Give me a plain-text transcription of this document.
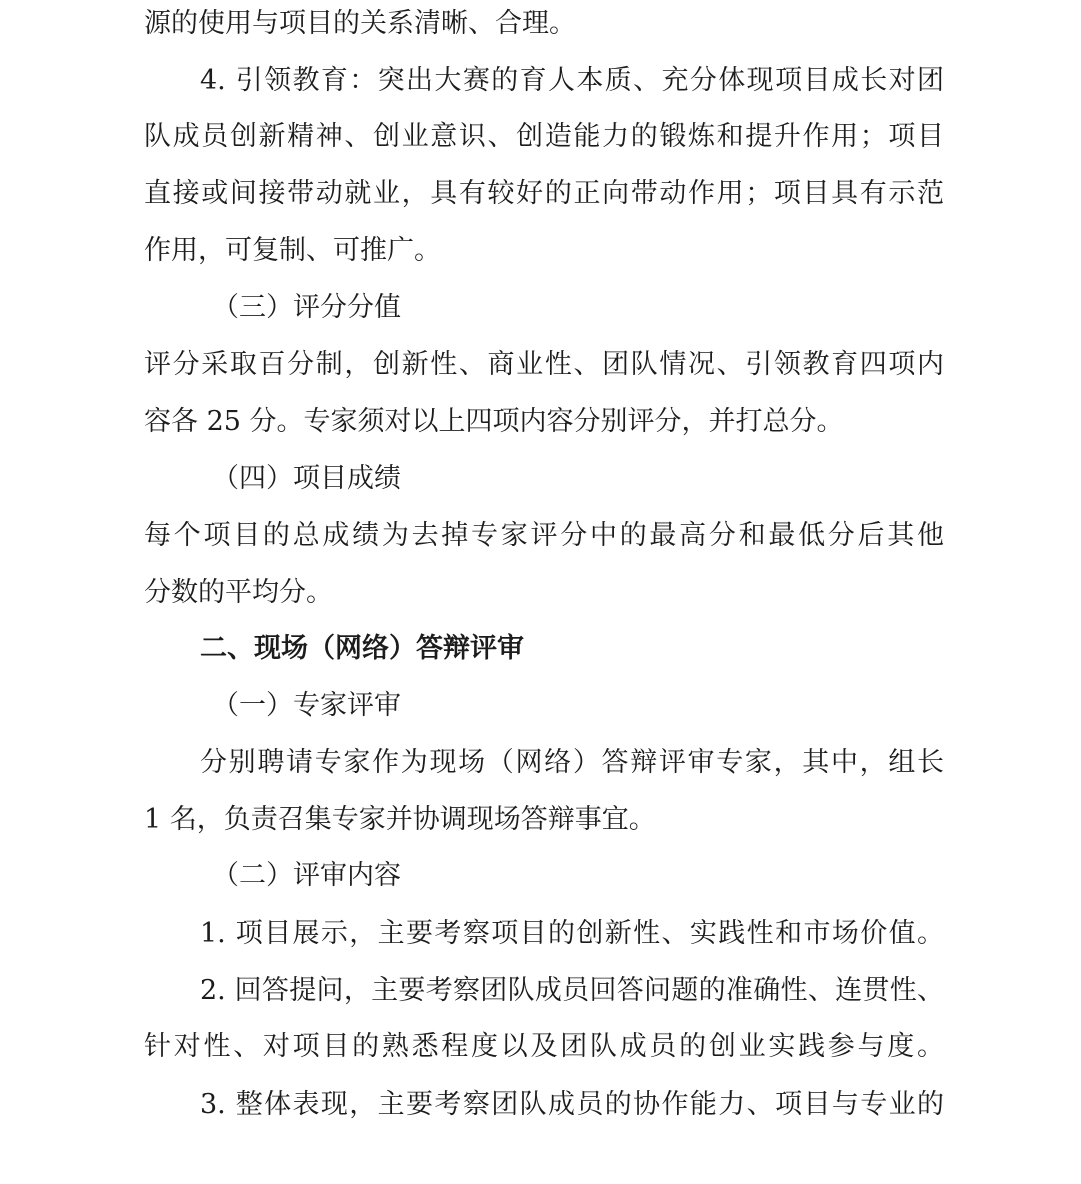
源的使用与项目的关系清晰、合理。
4. 引领教育：突出大赛的育人本质、充分体现项目成长对团
队成员创新精神、创业意识、创造能力的锻炼和提升作用；项目
直接或间接带动就业，具有较好的正向带动作用；项目具有示范
作用，可复制、可推广。
（三）评分分值
评分采取百分制，创新性、商业性、团队情况、引领教育四项内
容各 25 分。专家须对以上四项内容分别评分，并打总分。
（四）项目成绩
每个项目的总成绩为去掉专家评分中的最高分和最低分后其他
分数的平均分。
二、现场（网络）答辩评审
（一）专家评审
分别聘请专家作为现场（网络）答辩评审专家，其中，组长
1 名，负责召集专家并协调现场答辩事宜。
（二）评审内容
1. 项目展示，主要考察项目的创新性、实践性和市场价值。
2. 回答提问，主要考察团队成员回答问题的准确性、连贯性、
针对性、对项目的熟悉程度以及团队成员的创业实践参与度。
3. 整体表现，主要考察团队成员的协作能力、项目与专业的
